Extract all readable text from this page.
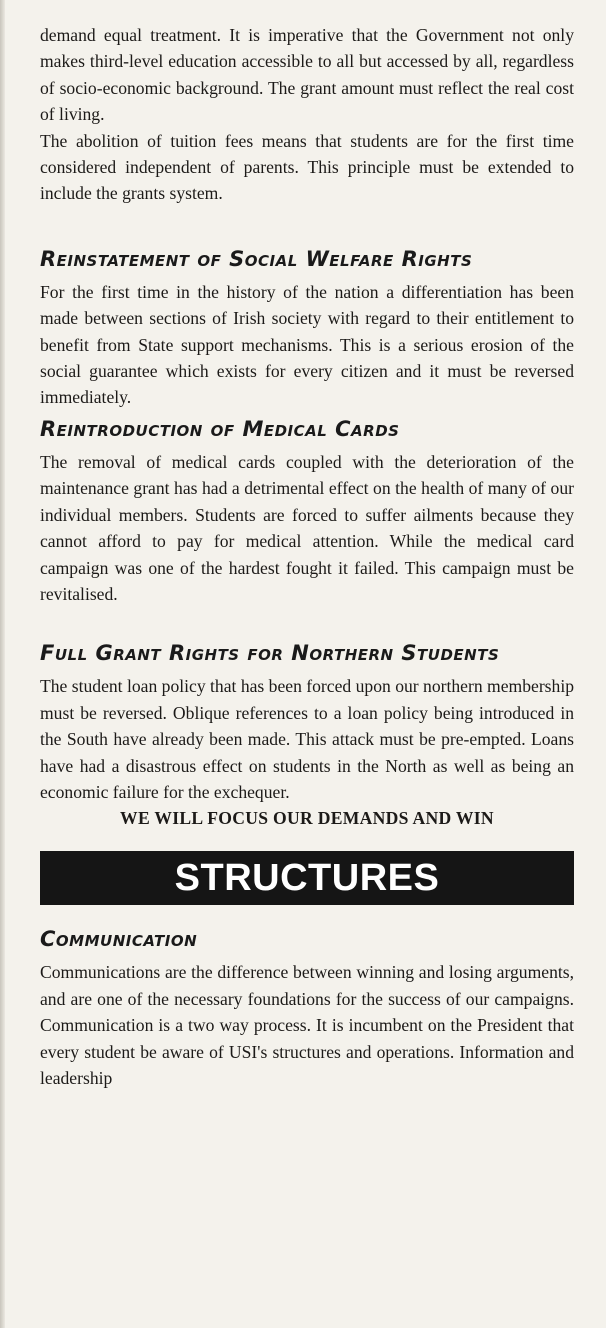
demand equal treatment. It is imperative that the Government not only makes third-level education accessible to all but accessed by all, regardless of socio-economic background. The grant amount must reflect the real cost of living.

The abolition of tuition fees means that students are for the first time considered independent of parents. This principle must be extended to include the grants system.

Reinstatement of Social Welfare Rights

For the first time in the history of the nation a differentiation has been made between sections of Irish society with regard to their entitlement to benefit from State support mechanisms. This is a serious erosion of the social guarantee which exists for every citizen and it must be reversed immediately.

Reintroduction of Medical Cards

The removal of medical cards coupled with the deterioration of the maintenance grant has had a detrimental effect on the health of many of our individual members. Students are forced to suffer ailments because they cannot afford to pay for medical attention. While the medical card campaign was one of the hardest fought it failed. This campaign must be revitalised.

Full Grant Rights for Northern Students

The student loan policy that has been forced upon our northern membership must be reversed. Oblique references to a loan policy being introduced in the South have already been made. This attack must be pre-empted. Loans have had a disastrous effect on students in the North as well as being an economic failure for the exchequer.

WE WILL FOCUS OUR DEMANDS AND WIN

STRUCTURES
Communication

Communications are the difference between winning and losing arguments, and are one of the necessary foundations for the success of our campaigns. Communication is a two way process. It is incumbent on the President that every student be aware of USI's structures and operations. Information and leadership
